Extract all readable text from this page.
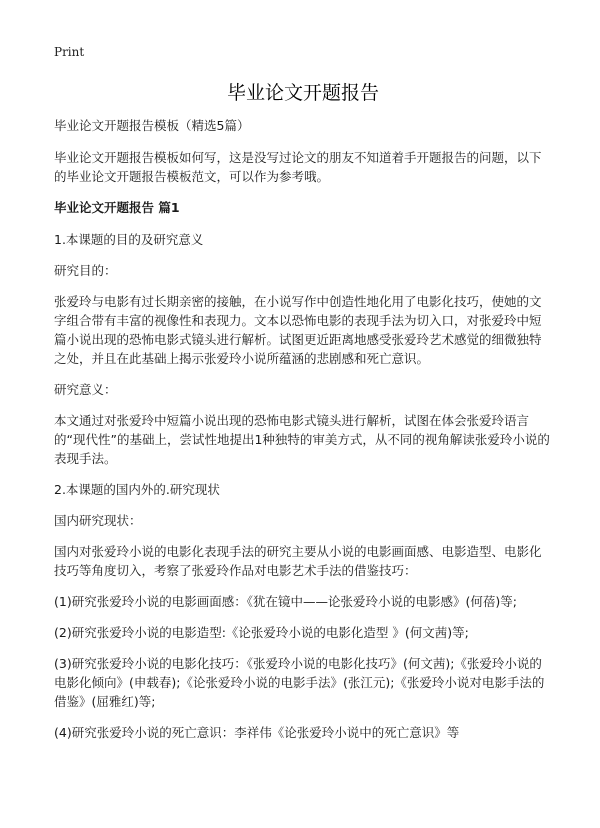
Print
毕业论文开题报告

毕业论文开题报告模板（精选5篇）

毕业论文开题报告模板如何写，这是没写过论文的朋友不知道着手开题报告的问题，以下的毕业论文开题报告模板范文，可以作为参考哦。

毕业论文开题报告 篇1

1.本课题的目的及研究意义

研究目的：

张爱玲与电影有过长期亲密的接触，在小说写作中创造性地化用了电影化技巧，使她的文字组合带有丰富的视像性和表现力。文本以恐怖电影的表现手法为切入口，对张爱玲中短篇小说出现的恐怖电影式镜头进行解析。试图更近距离地感受张爱玲艺术感觉的细微独特之处，并且在此基础上揭示张爱玲小说所蕴涵的悲剧感和死亡意识。

研究意义：

本文通过对张爱玲中短篇小说出现的恐怖电影式镜头进行解析，试图在体会张爱玲语言的“现代性”的基础上，尝试性地提出1种独特的审美方式，从不同的视角解读张爱玲小说的表现手法。

2.本课题的国内外的.研究现状

国内研究现状：

国内对张爱玲小说的电影化表现手法的研究主要从小说的电影画面感、电影造型、电影化技巧等角度切入，考察了张爱玲作品对电影艺术手法的借鉴技巧：

(1)研究张爱玲小说的电影画面感：《犹在镜中——论张爱玲小说的电影感》(何蓓)等;

(2)研究张爱玲小说的电影造型:《论张爱玲小说的电影化造型 》(何文茜)等;

(3)研究张爱玲小说的电影化技巧：《张爱玲小说的电影化技巧》(何文茜);《张爱玲小说的电影化倾向》(申载春);《论张爱玲小说的电影手法》(张江元);《张爱玲小说对电影手法的借鉴》(屈雅红)等;

(4)研究张爱玲小说的死亡意识：李祥伟《论张爱玲小说中的死亡意识》等
